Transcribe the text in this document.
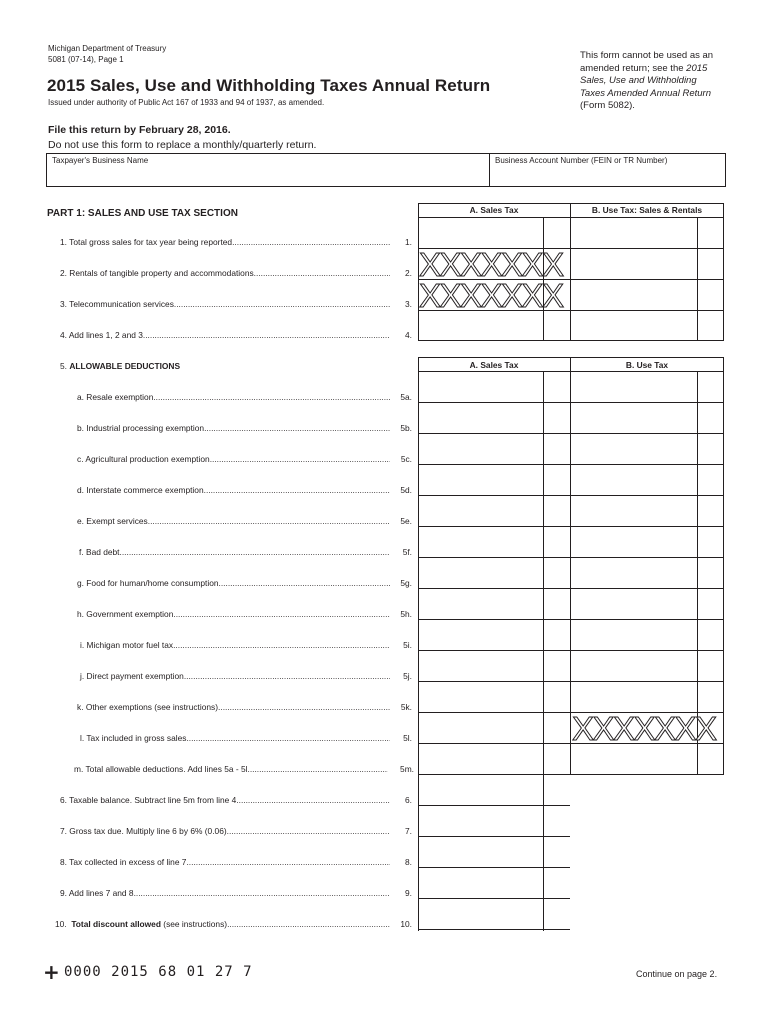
Michigan Department of Treasury
5081 (07-14), Page 1
2015 Sales, Use and Withholding Taxes Annual Return
Issued under authority of Public Act 167 of 1933 and 94 of 1937, as amended.
This form cannot be used as an
amended return; see the 2015
Sales, Use and Withholding
Taxes Amended Annual Return
(Form 5082).
File this return by February 28, 2016.
Do not use this form to replace a monthly/quarterly return.
Taxpayer's Business Name	Business Account Number (FEIN or TR Number)
PART 1: SALES AND USE TAX SECTION	A. Sales Tax	B. Use Tax: Sales & Rentals
XXXXXXX
XXXXXXX
1. Total gross sales for tax year being reported .....	1.
2. Rentals of tangible property and accommodations .....	2.
3. Telecommunication services .....	3.
4. Add lines 1, 2 and 3 .....	4.
5. ALLOWABLE DEDUCTIONS	A. Sales Tax	B. Use Tax
XXXXXXX
a. Resale exemption .....	5a.
b. Industrial processing exemption .....	5b.
c. Agricultural production exemption .....	5c.
d. Interstate commerce exemption .....	5d.
e. Exempt services .....	5e.
f. Bad debt .....	5f.
g. Food for human/home consumption .....	5g.
h. Government exemption .....	5h.
i. Michigan motor fuel tax .....	5i.
j. Direct payment exemption .....	5j.
k. Other exemptions (see instructions) .....	5k.
l. Tax included in gross sales .....	5l.
m. Total allowable deductions. Add lines 5a - 5l. .....	5m.
6. Taxable balance. Subtract line 5m from line 4 .....	6.
7. Gross tax due. Multiply line 6 by 6% (0.06). .....	7.
8. Tax collected in excess of line 7 .....	8.
9. Add lines 7 and 8 .....	9.
10.
Total discount allowed
(see instructions) .....	10.
+ 0000 2015 68 01 27 7	Continue on page 2.
